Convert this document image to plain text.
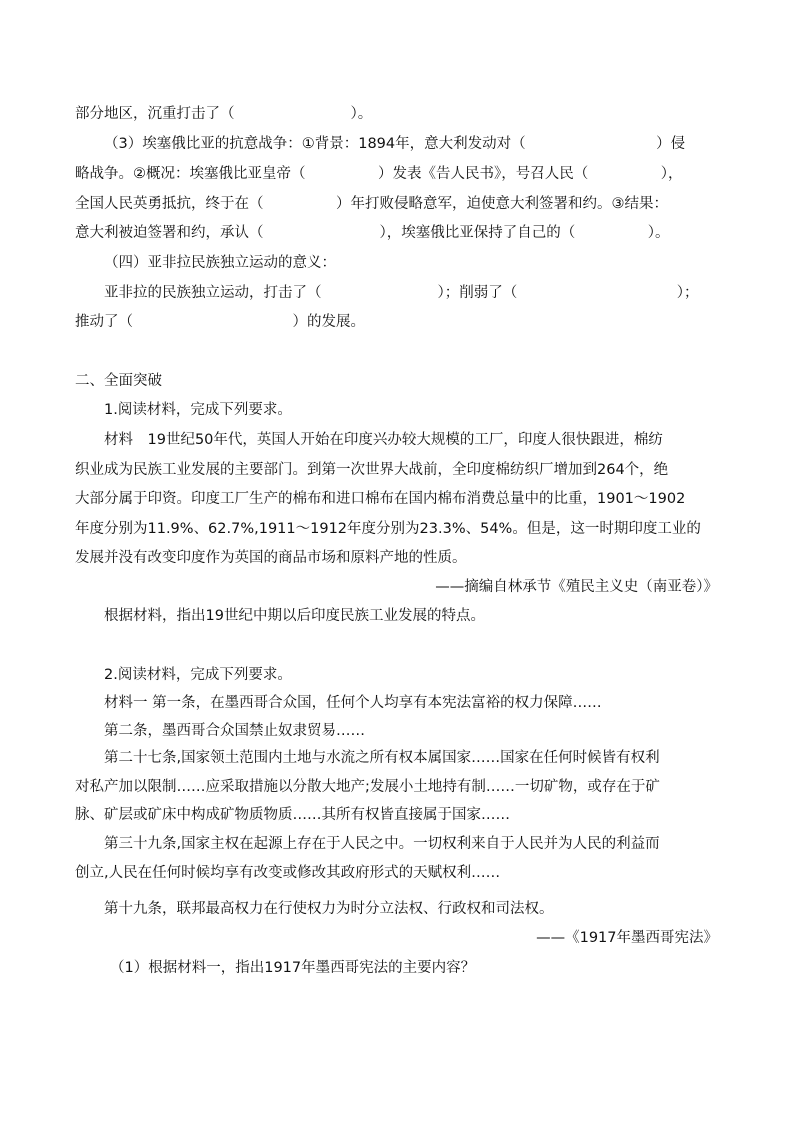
部分地区，沉重打击了（　　　　　　　　）。
（3）埃塞俄比亚的抗意战争：①背景：1894年，意大利发动对（　　　　　　　　　）侵
略战争。②概况：埃塞俄比亚皇帝（　　　　　）发表《告人民书》，号召人民（　　　　　），
全国人民英勇抵抗，终于在（　　　　　）年打败侵略意军，迫使意大利签署和约。③结果：
意大利被迫签署和约，承认（　　　　　　　　），埃塞俄比亚保持了自己的（　　　　　）。
（四）亚非拉民族独立运动的意义：
亚非拉的民族独立运动，打击了（　　　　　　　　）；削弱了（　　　　　　　　　　　）；
推动了（　　　　　　　　　　　）的发展。
二、全面突破
1.阅读材料，完成下列要求。
材料　19世纪50年代，英国人开始在印度兴办较大规模的工厂，印度人很快跟进，棉纺
织业成为民族工业发展的主要部门。到第一次世界大战前，全印度棉纺织厂增加到264个，绝
大部分属于印资。印度工厂生产的棉布和进口棉布在国内棉布消费总量中的比重，1901～1902
年度分别为11.9%、62.7%,1911～1912年度分别为23.3%、54%。但是，这一时期印度工业的
发展并没有改变印度作为英国的商品市场和原料产地的性质。
——摘编自林承节《殖民主义史（南亚卷）》
根据材料，指出19世纪中期以后印度民族工业发展的特点。
2.阅读材料，完成下列要求。
材料一 第一条，在墨西哥合众国，任何个人均享有本宪法富裕的权力保障……
第二条，墨西哥合众国禁止奴隶贸易……
第二十七条,国家领土范围内土地与水流之所有权本属国家……国家在任何时候皆有权利
对私产加以限制……应采取措施以分散大地产;发展小土地持有制……一切矿物，或存在于矿
脉、矿层或矿床中构成矿物质物质……其所有权皆直接属于国家……
第三十九条,国家主权在起源上存在于人民之中。一切权利来自于人民并为人民的利益而
创立,人民在任何时候均享有改变或修改其政府形式的天赋权利……
第十九条，联邦最高权力在行使权力为时分立法权、行政权和司法权。
——《1917年墨西哥宪法》
（1）根据材料一，指出1917年墨西哥宪法的主要内容？
